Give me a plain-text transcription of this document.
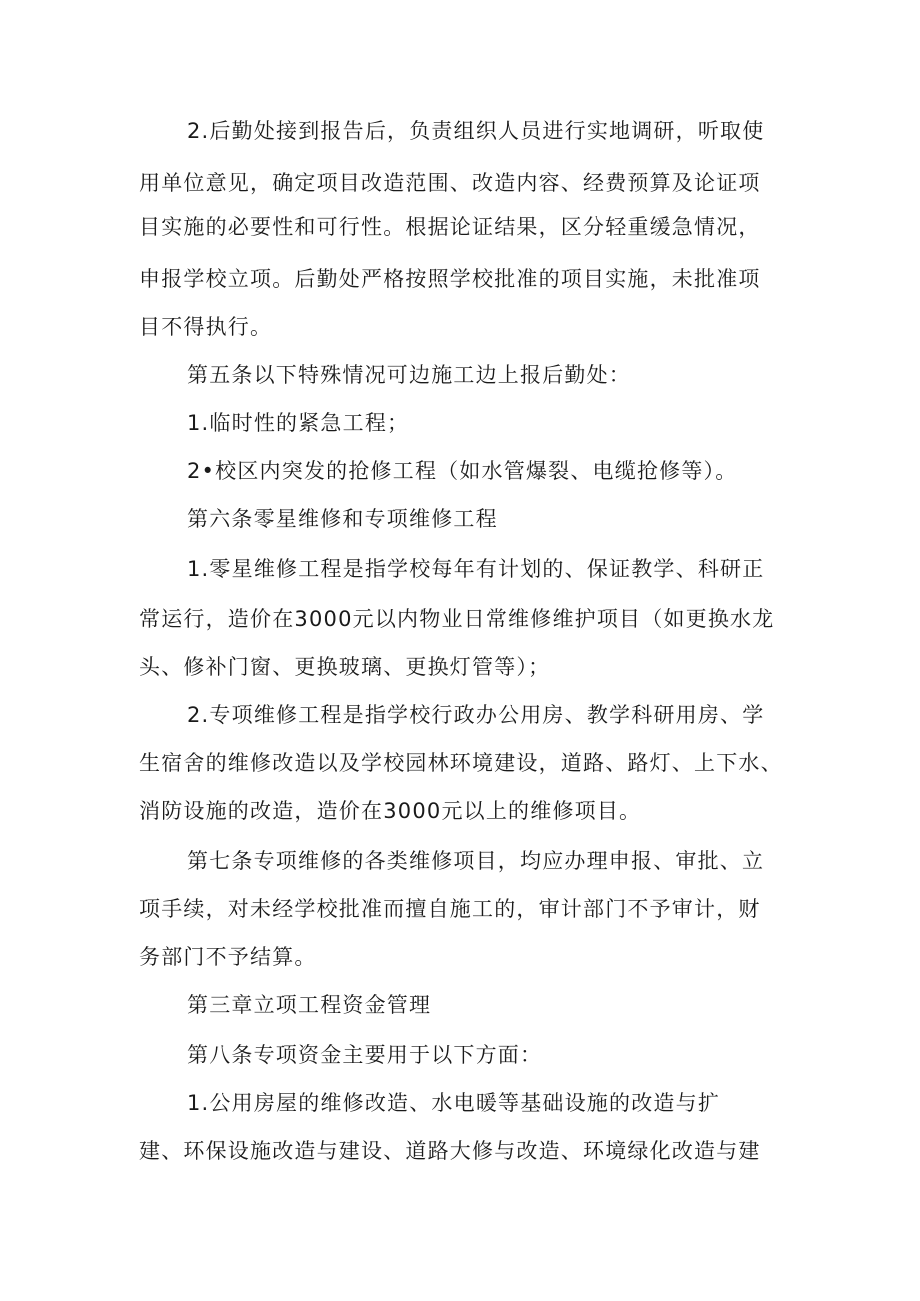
2.后勤处接到报告后，负责组织人员进行实地调研，听取使
用单位意见，确定项目改造范围、改造内容、经费预算及论证项
目实施的必要性和可行性。根据论证结果，区分轻重缓急情况，
申报学校立项。后勤处严格按照学校批准的项目实施，未批准项
目不得执行。
第五条以下特殊情况可边施工边上报后勤处：
1.临时性的紧急工程；
2•校区内突发的抢修工程（如水管爆裂、电缆抢修等）。
第六条零星维修和专项维修工程
1.零星维修工程是指学校每年有计划的、保证教学、科研正
常运行，造价在3000元以内物业日常维修维护项目（如更换水龙
头、修补门窗、更换玻璃、更换灯管等）；
2.专项维修工程是指学校行政办公用房、教学科研用房、学
生宿舍的维修改造以及学校园林环境建设，道路、路灯、上下水、
消防设施的改造，造价在3000元以上的维修项目。
第七条专项维修的各类维修项目，均应办理申报、审批、立
项手续，对未经学校批准而擅自施工的，审计部门不予审计，财
务部门不予结算。
第三章立项工程资金管理
第八条专项资金主要用于以下方面：
1.公用房屋的维修改造、水电暖等基础设施的改造与扩
建、环保设施改造与建设、道路大修与改造、环境绿化改造与建
